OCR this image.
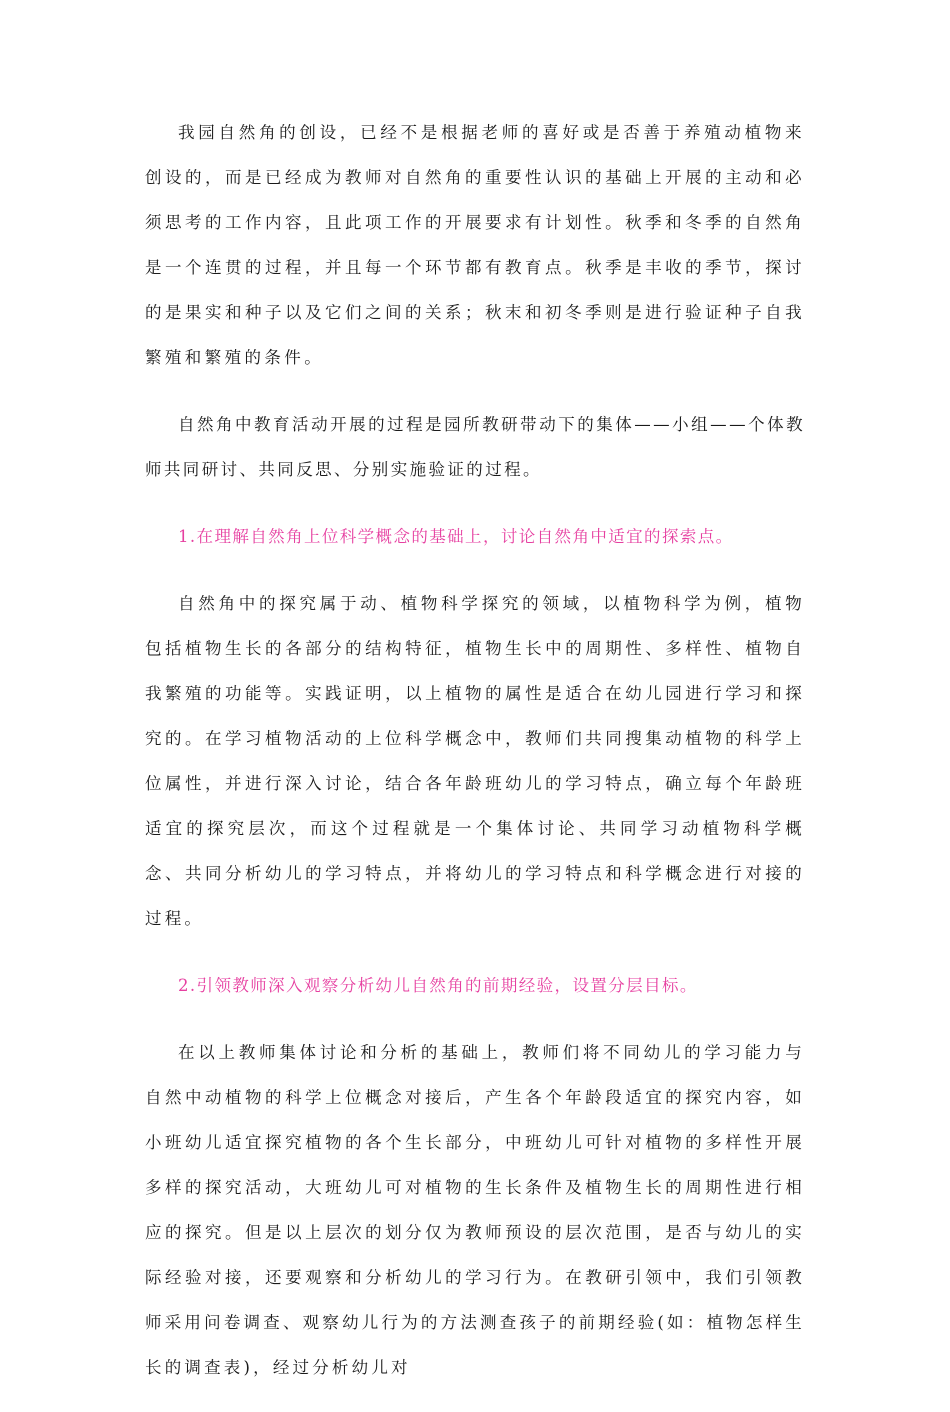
我园自然角的创设，已经不是根据老师的喜好或是否善于养殖动植物来创设的，而是已经成为教师对自然角的重要性认识的基础上开展的主动和必须思考的工作内容，且此项工作的开展要求有计划性。秋季和冬季的自然角是一个连贯的过程，并且每一个环节都有教育点。秋季是丰收的季节，探讨的是果实和种子以及它们之间的关系；秋末和初冬季则是进行验证种子自我繁殖和繁殖的条件。

自然角中教育活动开展的过程是园所教研带动下的集体——小组——个体教师共同研讨、共同反思、分别实施验证的过程。

1.在理解自然角上位科学概念的基础上，讨论自然角中适宜的探索点。

自然角中的探究属于动、植物科学探究的领域，以植物科学为例，植物包括植物生长的各部分的结构特征，植物生长中的周期性、多样性、植物自我繁殖的功能等。实践证明，以上植物的属性是适合在幼儿园进行学习和探究的。在学习植物活动的上位科学概念中，教师们共同搜集动植物的科学上位属性，并进行深入讨论，结合各年龄班幼儿的学习特点，确立每个年龄班适宜的探究层次，而这个过程就是一个集体讨论、共同学习动植物科学概念、共同分析幼儿的学习特点，并将幼儿的学习特点和科学概念进行对接的过程。

2.引领教师深入观察分析幼儿自然角的前期经验，设置分层目标。

在以上教师集体讨论和分析的基础上，教师们将不同幼儿的学习能力与自然中动植物的科学上位概念对接后，产生各个年龄段适宜的探究内容，如小班幼儿适宜探究植物的各个生长部分，中班幼儿可针对植物的多样性开展多样的探究活动，大班幼儿可对植物的生长条件及植物生长的周期性进行相应的探究。但是以上层次的划分仅为教师预设的层次范围，是否与幼儿的实际经验对接，还要观察和分析幼儿的学习行为。在教研引领中，我们引领教师采用问卷调查、观察幼儿行为的方法测查孩子的前期经验(如：植物怎样生长的调查表)，经过分析幼儿对
